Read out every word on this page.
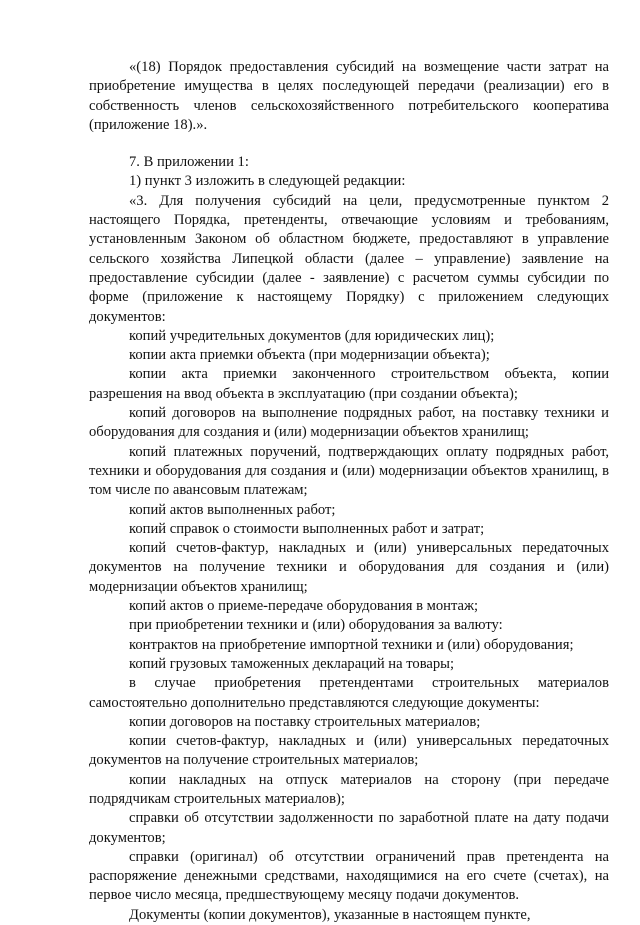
«(18) Порядок предоставления субсидий на возмещение части затрат на приобретение имущества в целях последующей передачи (реализации) его в собственность членов сельскохозяйственного потребительского кооператива (приложение 18).».

7. В приложении 1:

1) пункт 3 изложить в следующей редакции:

«3. Для получения субсидий на цели, предусмотренные пунктом 2 настоящего Порядка, претенденты, отвечающие условиям и требованиям, установленным Законом об областном бюджете, предоставляют в управление сельского хозяйства Липецкой области (далее – управление) заявление на предоставление субсидии (далее - заявление) с расчетом суммы субсидии по форме (приложение к настоящему Порядку) с приложением следующих документов:

копий учредительных документов (для юридических лиц);

копии акта приемки объекта (при модернизации объекта);

копии акта приемки законченного строительством объекта, копии разрешения на ввод объекта в эксплуатацию (при создании объекта);

копий договоров на выполнение подрядных работ, на поставку техники и оборудования для создания и (или) модернизации объектов хранилищ;

копий платежных поручений, подтверждающих оплату подрядных работ, техники и оборудования для создания и (или) модернизации объектов хранилищ, в том числе по авансовым платежам;

копий актов выполненных работ;

копий справок о стоимости выполненных работ и затрат;

копий счетов-фактур, накладных и (или) универсальных передаточных документов на получение техники и оборудования для создания и (или) модернизации объектов хранилищ;

копий актов о приеме-передаче оборудования в монтаж;

при приобретении техники и (или) оборудования за валюту:

контрактов на приобретение импортной техники и (или) оборудования;

копий грузовых таможенных деклараций на товары;

в случае приобретения претендентами строительных материалов самостоятельно дополнительно представляются следующие документы:

копии договоров на поставку строительных материалов;

копии счетов-фактур, накладных и (или) универсальных передаточных документов на получение строительных материалов;

копии накладных на отпуск материалов на сторону (при передаче подрядчикам строительных материалов);

справки об отсутствии задолженности по заработной плате на дату подачи документов;

справки (оригинал) об отсутствии ограничений прав претендента на распоряжение денежными средствами, находящимися на его счете (счетах), на первое число месяца, предшествующему месяцу подачи документов.

Документы (копии документов), указанные в настоящем пункте,
